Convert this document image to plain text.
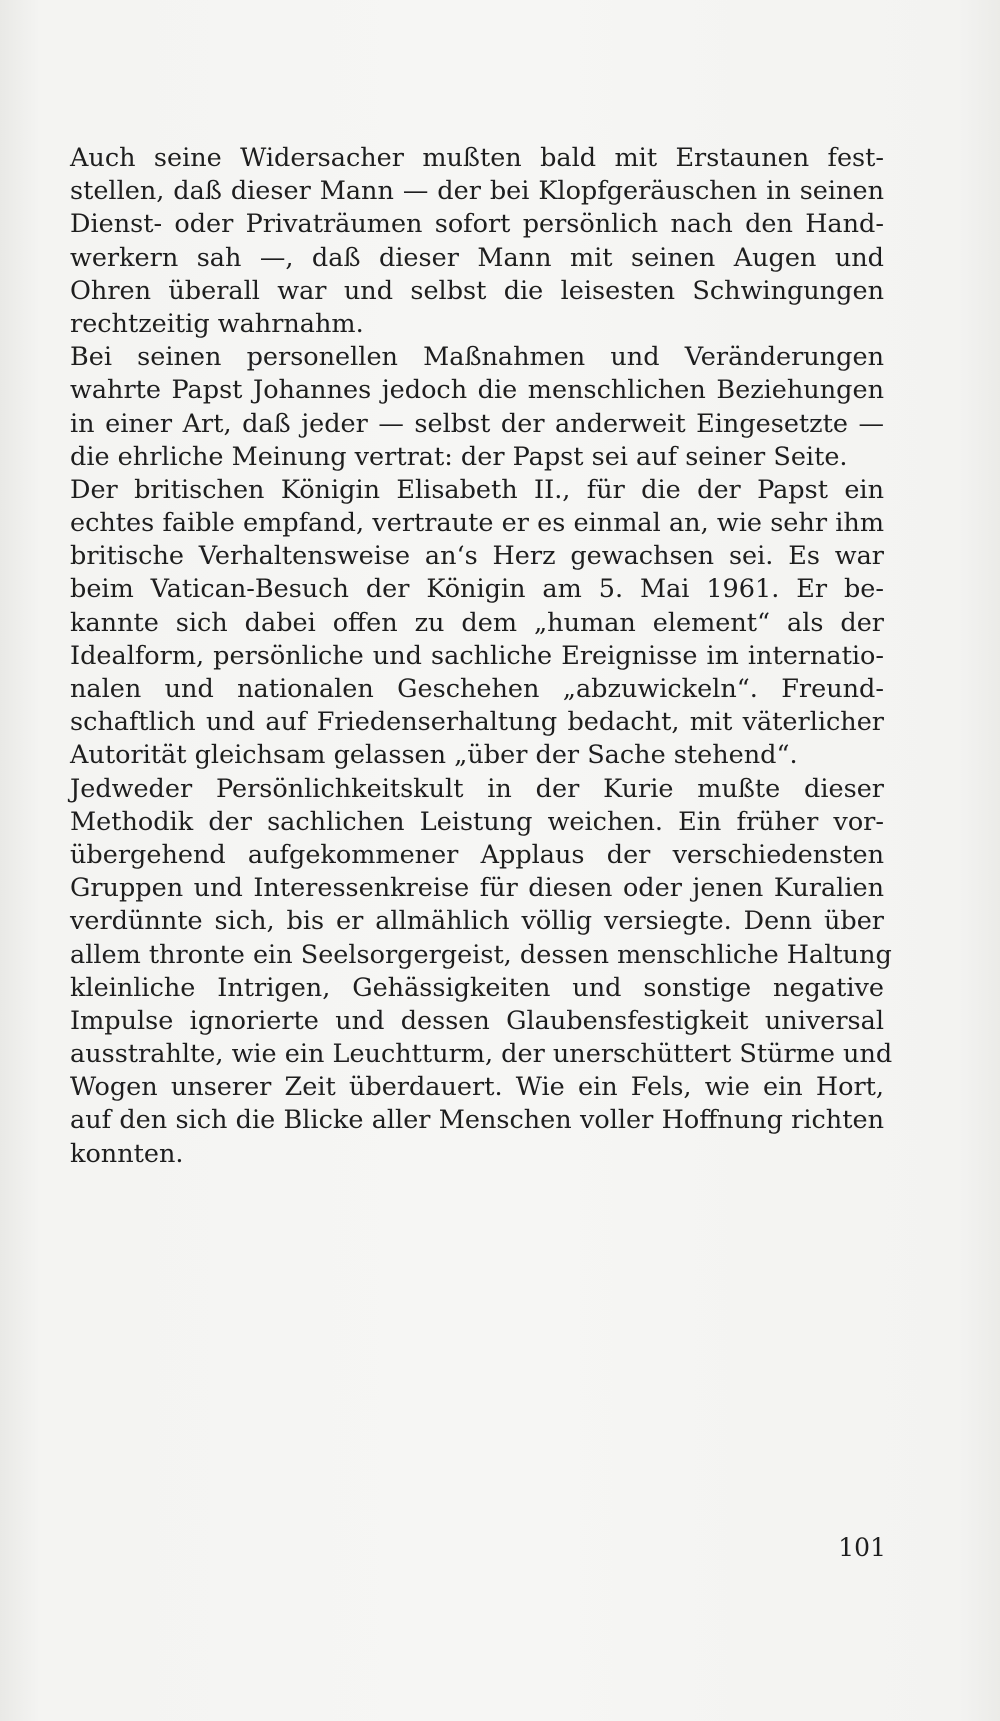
Auch seine Widersacher mußten bald mit Erstaunen fest-
stellen, daß dieser Mann — der bei Klopfgeräuschen in seinen
Dienst- oder Privaträumen sofort persönlich nach den Hand-
werkern sah —, daß dieser Mann mit seinen Augen und
Ohren überall war und selbst die leisesten Schwingungen
rechtzeitig wahrnahm.
Bei seinen personellen Maßnahmen und Veränderungen
wahrte Papst Johannes jedoch die menschlichen Beziehungen
in einer Art, daß jeder — selbst der anderweit Eingesetzte —
die ehrliche Meinung vertrat: der Papst sei auf seiner Seite.
Der britischen Königin Elisabeth II., für die der Papst ein
echtes faible empfand, vertraute er es einmal an, wie sehr ihm
britische Verhaltensweise an‘s Herz gewachsen sei. Es war
beim Vatican-Besuch der Königin am 5. Mai 1961. Er be-
kannte sich dabei offen zu dem „human element“ als der
Idealform, persönliche und sachliche Ereignisse im internatio-
nalen und nationalen Geschehen „abzuwickeln“. Freund-
schaftlich und auf Friedenserhaltung bedacht, mit väterlicher
Autorität gleichsam gelassen „über der Sache stehend“.
Jedweder Persönlichkeitskult in der Kurie mußte dieser
Methodik der sachlichen Leistung weichen. Ein früher vor-
übergehend aufgekommener Applaus der verschiedensten
Gruppen und Interessenkreise für diesen oder jenen Kuralien
verdünnte sich, bis er allmählich völlig versiegte. Denn über
allem thronte ein Seelsorgergeist, dessen menschliche Haltung
kleinliche Intrigen, Gehässigkeiten und sonstige negative
Impulse ignorierte und dessen Glaubensfestigkeit universal
ausstrahlte, wie ein Leuchtturm, der unerschüttert Stürme und
Wogen unserer Zeit überdauert. Wie ein Fels, wie ein Hort,
auf den sich die Blicke aller Menschen voller Hoffnung richten
konnten.
101
